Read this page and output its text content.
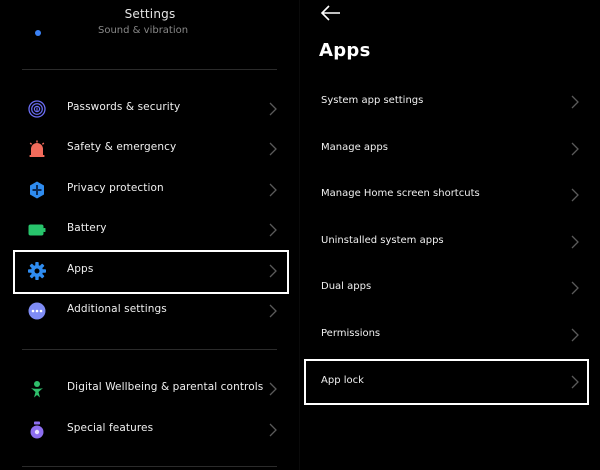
Settings
Sound & vibration
Passwords & security
Safety & emergency
Privacy protection
Battery
Apps
Additional settings
Digital Wellbeing & parental controls
Special features
Apps
System app settings
Manage apps
Manage Home screen shortcuts
Uninstalled system apps
Dual apps
Permissions
App lock
